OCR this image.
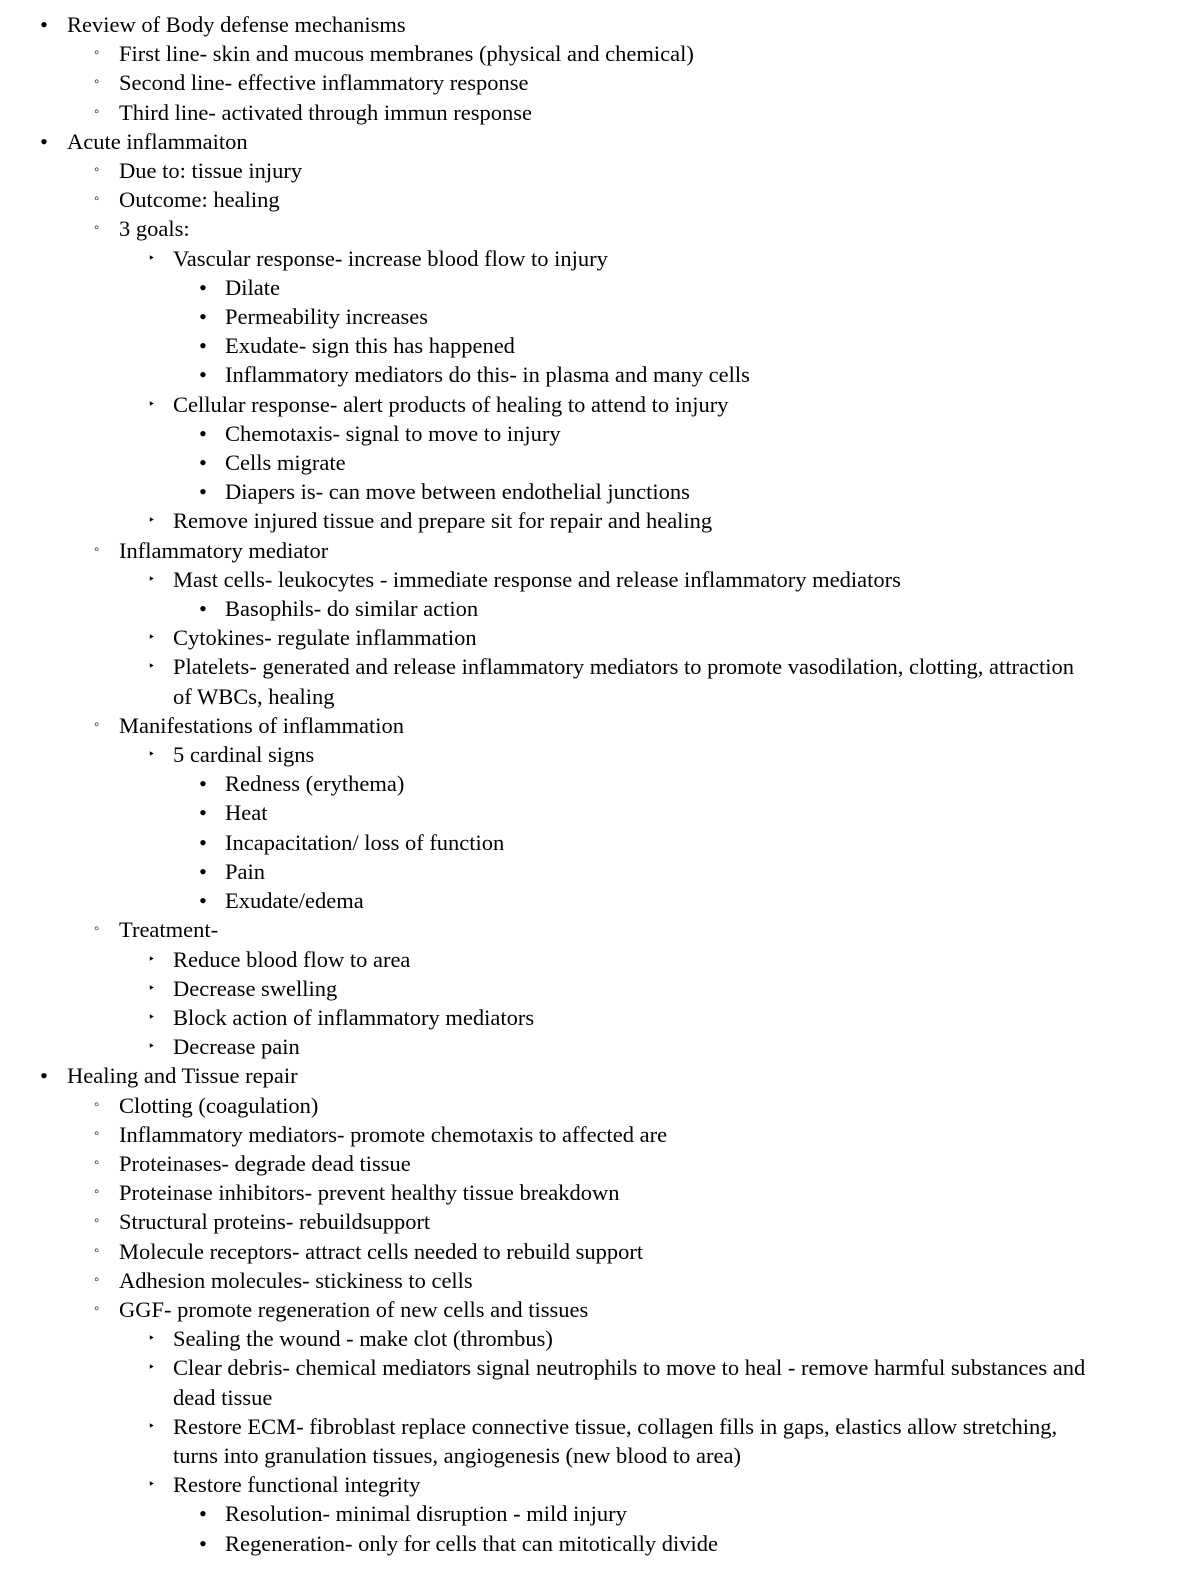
• Review of Body defense mechanisms
◦ First line- skin and mucous membranes (physical and chemical)
◦ Second line- effective inflammatory response
◦ Third line- activated through immun response
• Acute inflammaiton
◦ Due to: tissue injury
◦ Outcome: healing
◦ 3 goals:
‣ Vascular response- increase blood flow to injury
• Dilate
• Permeability increases
• Exudate- sign this has happened
• Inflammatory mediators do this- in plasma and many cells
‣ Cellular response- alert products of healing to attend to injury
• Chemotaxis- signal to move to injury
• Cells migrate
• Diapers is- can move between endothelial junctions
‣ Remove injured tissue and prepare sit for repair and healing
◦ Inflammatory mediator
‣ Mast cells- leukocytes - immediate response and release inflammatory mediators
• Basophils- do similar action
‣ Cytokines- regulate inflammation
‣ Platelets- generated and release inflammatory mediators to promote vasodilation, clotting, attraction of WBCs, healing
◦ Manifestations of inflammation
‣ 5 cardinal signs
• Redness (erythema)
• Heat
• Incapacitation/ loss of function
• Pain
• Exudate/edema
◦ Treatment-
‣ Reduce blood flow to area
‣ Decrease swelling
‣ Block action of inflammatory mediators
‣ Decrease pain
• Healing and Tissue repair
◦ Clotting (coagulation)
◦ Inflammatory mediators- promote chemotaxis to affected are
◦ Proteinases- degrade dead tissue
◦ Proteinase inhibitors- prevent healthy tissue breakdown
◦ Structural proteins- rebuildsupport
◦ Molecule receptors- attract cells needed to rebuild support
◦ Adhesion molecules- stickiness to cells
◦ GGF- promote regeneration of new cells and tissues
‣ Sealing the wound - make clot (thrombus)
‣ Clear debris- chemical mediators signal neutrophils to move to heal - remove harmful substances and dead tissue
‣ Restore ECM- fibroblast replace connective tissue, collagen fills in gaps, elastics allow stretching, turns into granulation tissues, angiogenesis (new blood to area)
‣ Restore functional integrity
• Resolution- minimal disruption - mild injury
• Regeneration- only for cells that can mitotically divide
